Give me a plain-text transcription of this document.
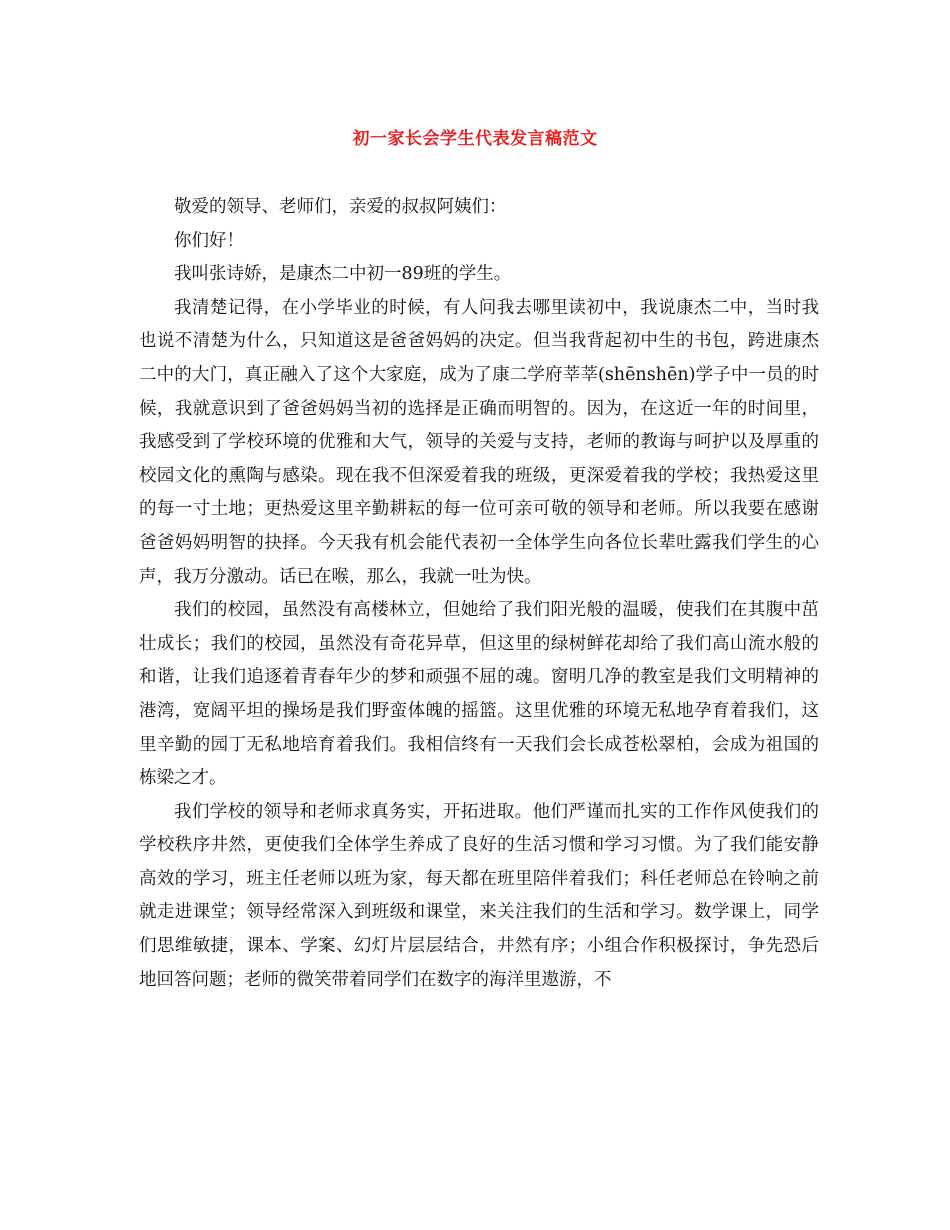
初一家长会学生代表发言稿范文

敬爱的领导、老师们，亲爱的叔叔阿姨们：

你们好！

我叫张诗娇，是康杰二中初一89班的学生。

我清楚记得，在小学毕业的时候，有人问我去哪里读初中，我说康杰二中，当时我也说不清楚为什么，只知道这是爸爸妈妈的决定。但当我背起初中生的书包，跨进康杰二中的大门，真正融入了这个大家庭，成为了康二学府莘莘(shēnshēn)学子中一员的时候，我就意识到了爸爸妈妈当初的选择是正确而明智的。因为，在这近一年的时间里，我感受到了学校环境的优雅和大气，领导的关爱与支持，老师的教诲与呵护以及厚重的校园文化的熏陶与感染。现在我不但深爱着我的班级，更深爱着我的学校；我热爱这里的每一寸土地；更热爱这里辛勤耕耘的每一位可亲可敬的领导和老师。所以我要在感谢爸爸妈妈明智的抉择。今天我有机会能代表初一全体学生向各位长辈吐露我们学生的心声，我万分激动。话已在喉，那么，我就一吐为快。

我们的校园，虽然没有高楼林立，但她给了我们阳光般的温暖，使我们在其腹中茁壮成长；我们的校园，虽然没有奇花异草，但这里的绿树鲜花却给了我们高山流水般的和谐，让我们追逐着青春年少的梦和顽强不屈的魂。窗明几净的教室是我们文明精神的港湾，宽阔平坦的操场是我们野蛮体魄的摇篮。这里优雅的环境无私地孕育着我们，这里辛勤的园丁无私地培育着我们。我相信终有一天我们会长成苍松翠柏，会成为祖国的栋梁之才。

我们学校的领导和老师求真务实，开拓进取。他们严谨而扎实的工作作风使我们的学校秩序井然，更使我们全体学生养成了良好的生活习惯和学习习惯。为了我们能安静高效的学习，班主任老师以班为家，每天都在班里陪伴着我们；科任老师总在铃响之前就走进课堂；领导经常深入到班级和课堂，来关注我们的生活和学习。数学课上，同学们思维敏捷，课本、学案、幻灯片层层结合，井然有序；小组合作积极探讨，争先恐后地回答问题；老师的微笑带着同学们在数字的海洋里遨游，不
